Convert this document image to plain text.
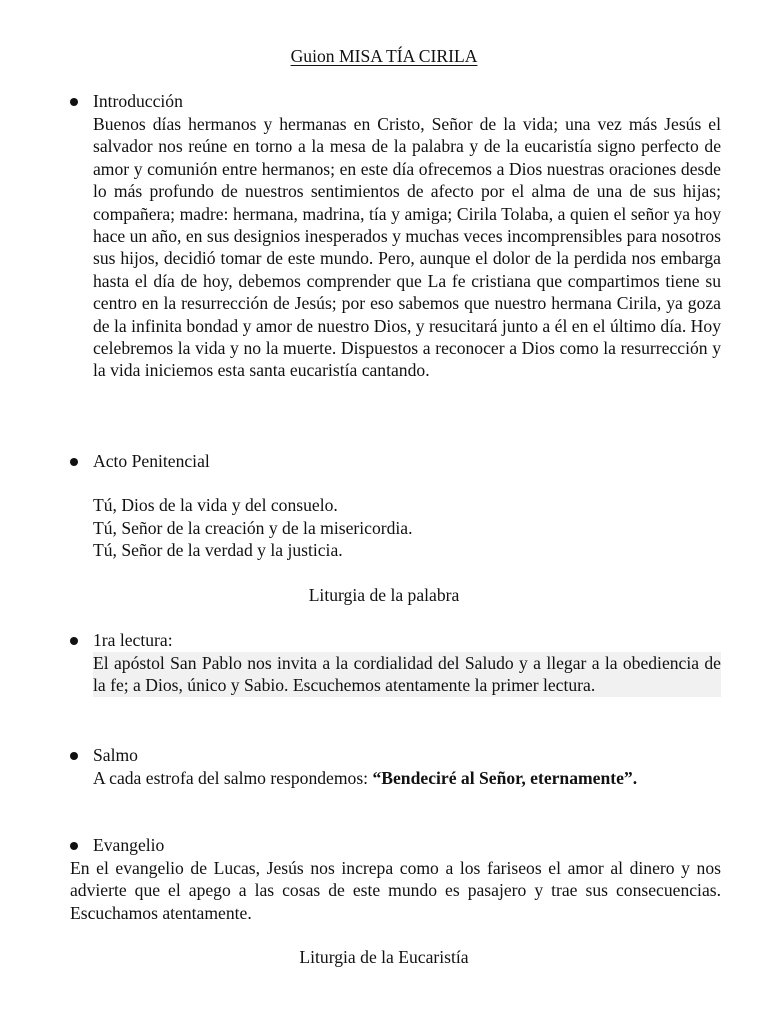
Guion MISA TÍA CIRILA
Introducción

Buenos días hermanos y hermanas en Cristo, Señor de la vida; una vez más Jesús el salvador nos reúne en torno a la mesa de la palabra y de la eucaristía signo perfecto de amor y comunión entre hermanos; en este día ofrecemos a Dios nuestras oraciones desde lo más profundo de nuestros sentimientos de afecto por el alma de una de sus hijas; compañera; madre: hermana, madrina, tía y amiga; Cirila Tolaba, a quien el señor ya hoy hace un año, en sus designios inesperados y muchas veces incomprensibles para nosotros sus hijos, decidió tomar de este mundo. Pero, aunque el dolor de la perdida nos embarga hasta el día de hoy, debemos comprender que La fe cristiana que compartimos tiene su centro en la resurrección de Jesús; por eso sabemos que nuestro hermana Cirila, ya goza de la infinita bondad y amor de nuestro Dios, y resucitará junto a él en el último día. Hoy celebremos la vida y no la muerte. Dispuestos a reconocer a Dios como la resurrección y la vida iniciemos esta santa eucaristía cantando.

Acto Penitencial
Tú, Dios de la vida y del consuelo.
Tú, Señor de la creación y de la misericordia.
Tú, Señor de la verdad y la justicia.
Liturgia de la palabra
1ra lectura:

El apóstol San Pablo nos invita a la cordialidad del Saludo y a llegar a la obediencia de la fe; a Dios, único y Sabio. Escuchemos atentamente la primer lectura.

Salmo

A cada estrofa del salmo respondemos: “Bendeciré al Señor, eternamente”.

Evangelio

En el evangelio de Lucas, Jesús nos increpa como a los fariseos el amor al dinero y nos advierte que el apego a las cosas de este mundo es pasajero y trae sus consecuencias. Escuchamos atentamente.

Liturgia de la Eucaristía
